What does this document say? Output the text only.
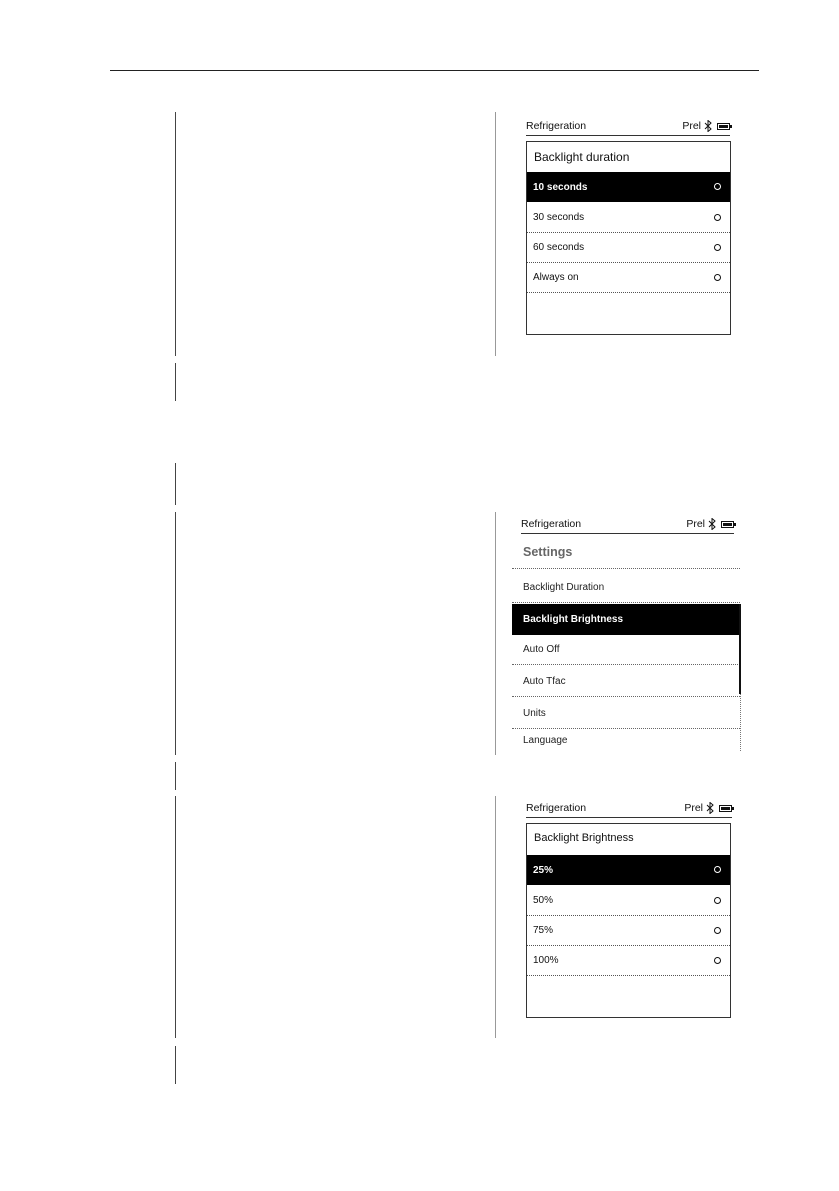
Refrigeration	Prel
Backlight duration
10 seconds
30 seconds
60 seconds
Always on
Refrigeration	Prel
Settings
Backlight Duration
Backlight Brightness
Auto Off
Auto Tfac
Units
Language
Refrigeration	Prel
Backlight Brightness
25%
50%
75%
100%
